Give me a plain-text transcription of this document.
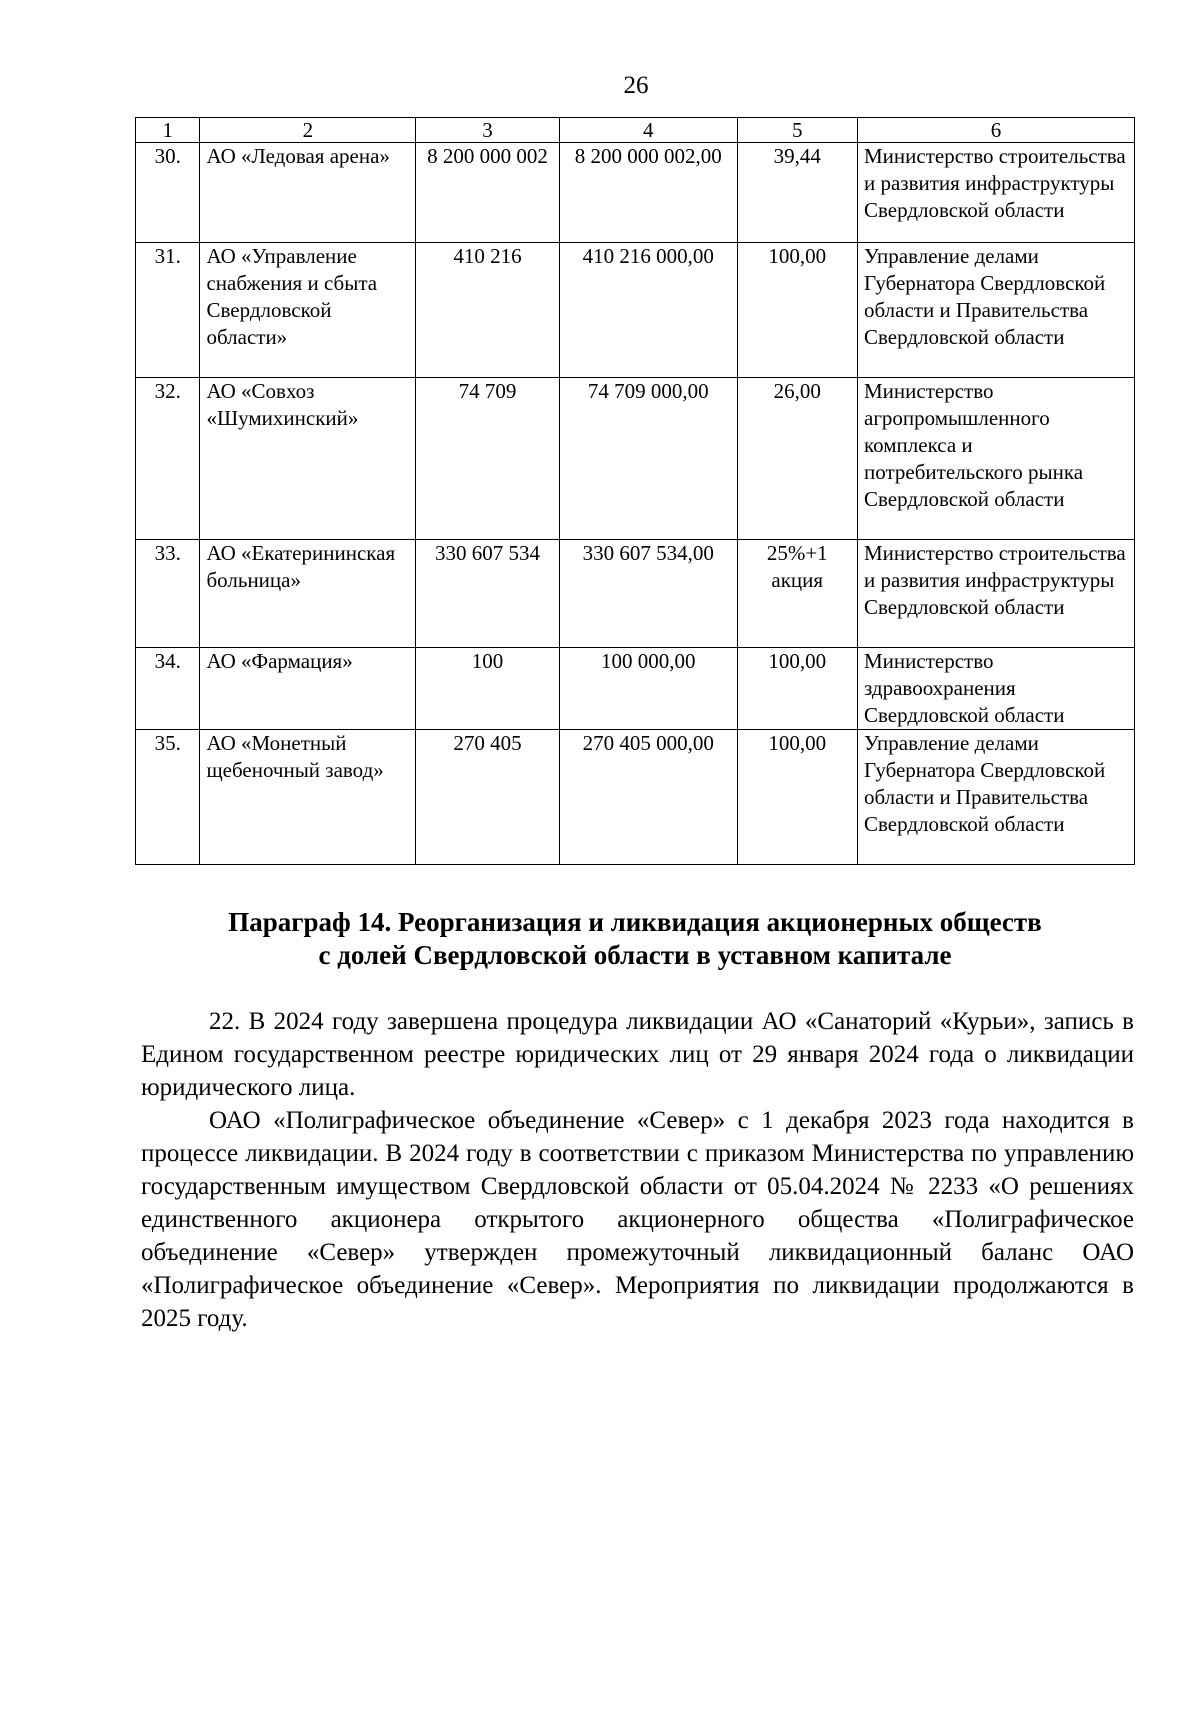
26
1	2	3	4	5	6
30.	АО «Ледовая арена»	8 200 000 002	8 200 000 002,00	39,44	Министерство строительства и развития инфраструктуры Свердловской области
31.	АО «Управление снабжения и сбыта Свердловской области»	410 216	410 216 000,00	100,00	Управление делами Губернатора Свердловской области и Правительства Свердловской области
32.	АО «Совхоз «Шумихинский»	74 709	74 709 000,00	26,00	Министерство агропромышленного комплекса и потребительского рынка Свердловской области
33.	АО «Екатерининская больница»	330 607 534	330 607 534,00	25%+1 акция	Министерство строительства и развития инфраструктуры Свердловской области
34.	АО «Фармация»	100	100 000,00	100,00	Министерство здравоохранения Свердловской области
35.	АО «Монетный щебеночный завод»	270 405	270 405 000,00	100,00	Управление делами Губернатора Свердловской области и Правительства Свердловской области
Параграф 14. Реорганизация и ликвидация акционерных обществ
с долей Свердловской области в уставном капитале

22. В 2024 году завершена процедура ликвидации АО «Санаторий «Курьи», запись в Едином государственном реестре юридических лиц от 29 января 2024 года о ликвидации юридического лица.

ОАО «Полиграфическое объединение «Север» с 1 декабря 2023 года находится в процессе ликвидации. В 2024 году в соответствии с приказом Министерства по управлению государственным имуществом Свердловской области от 05.04.2024 № 2233 «О решениях единственного акционера открытого акционерного общества «Полиграфическое объединение «Север» утвержден промежуточный ликвидационный баланс ОАО «Полиграфическое объединение «Север». Мероприятия по ликвидации продолжаются в 2025 году.
